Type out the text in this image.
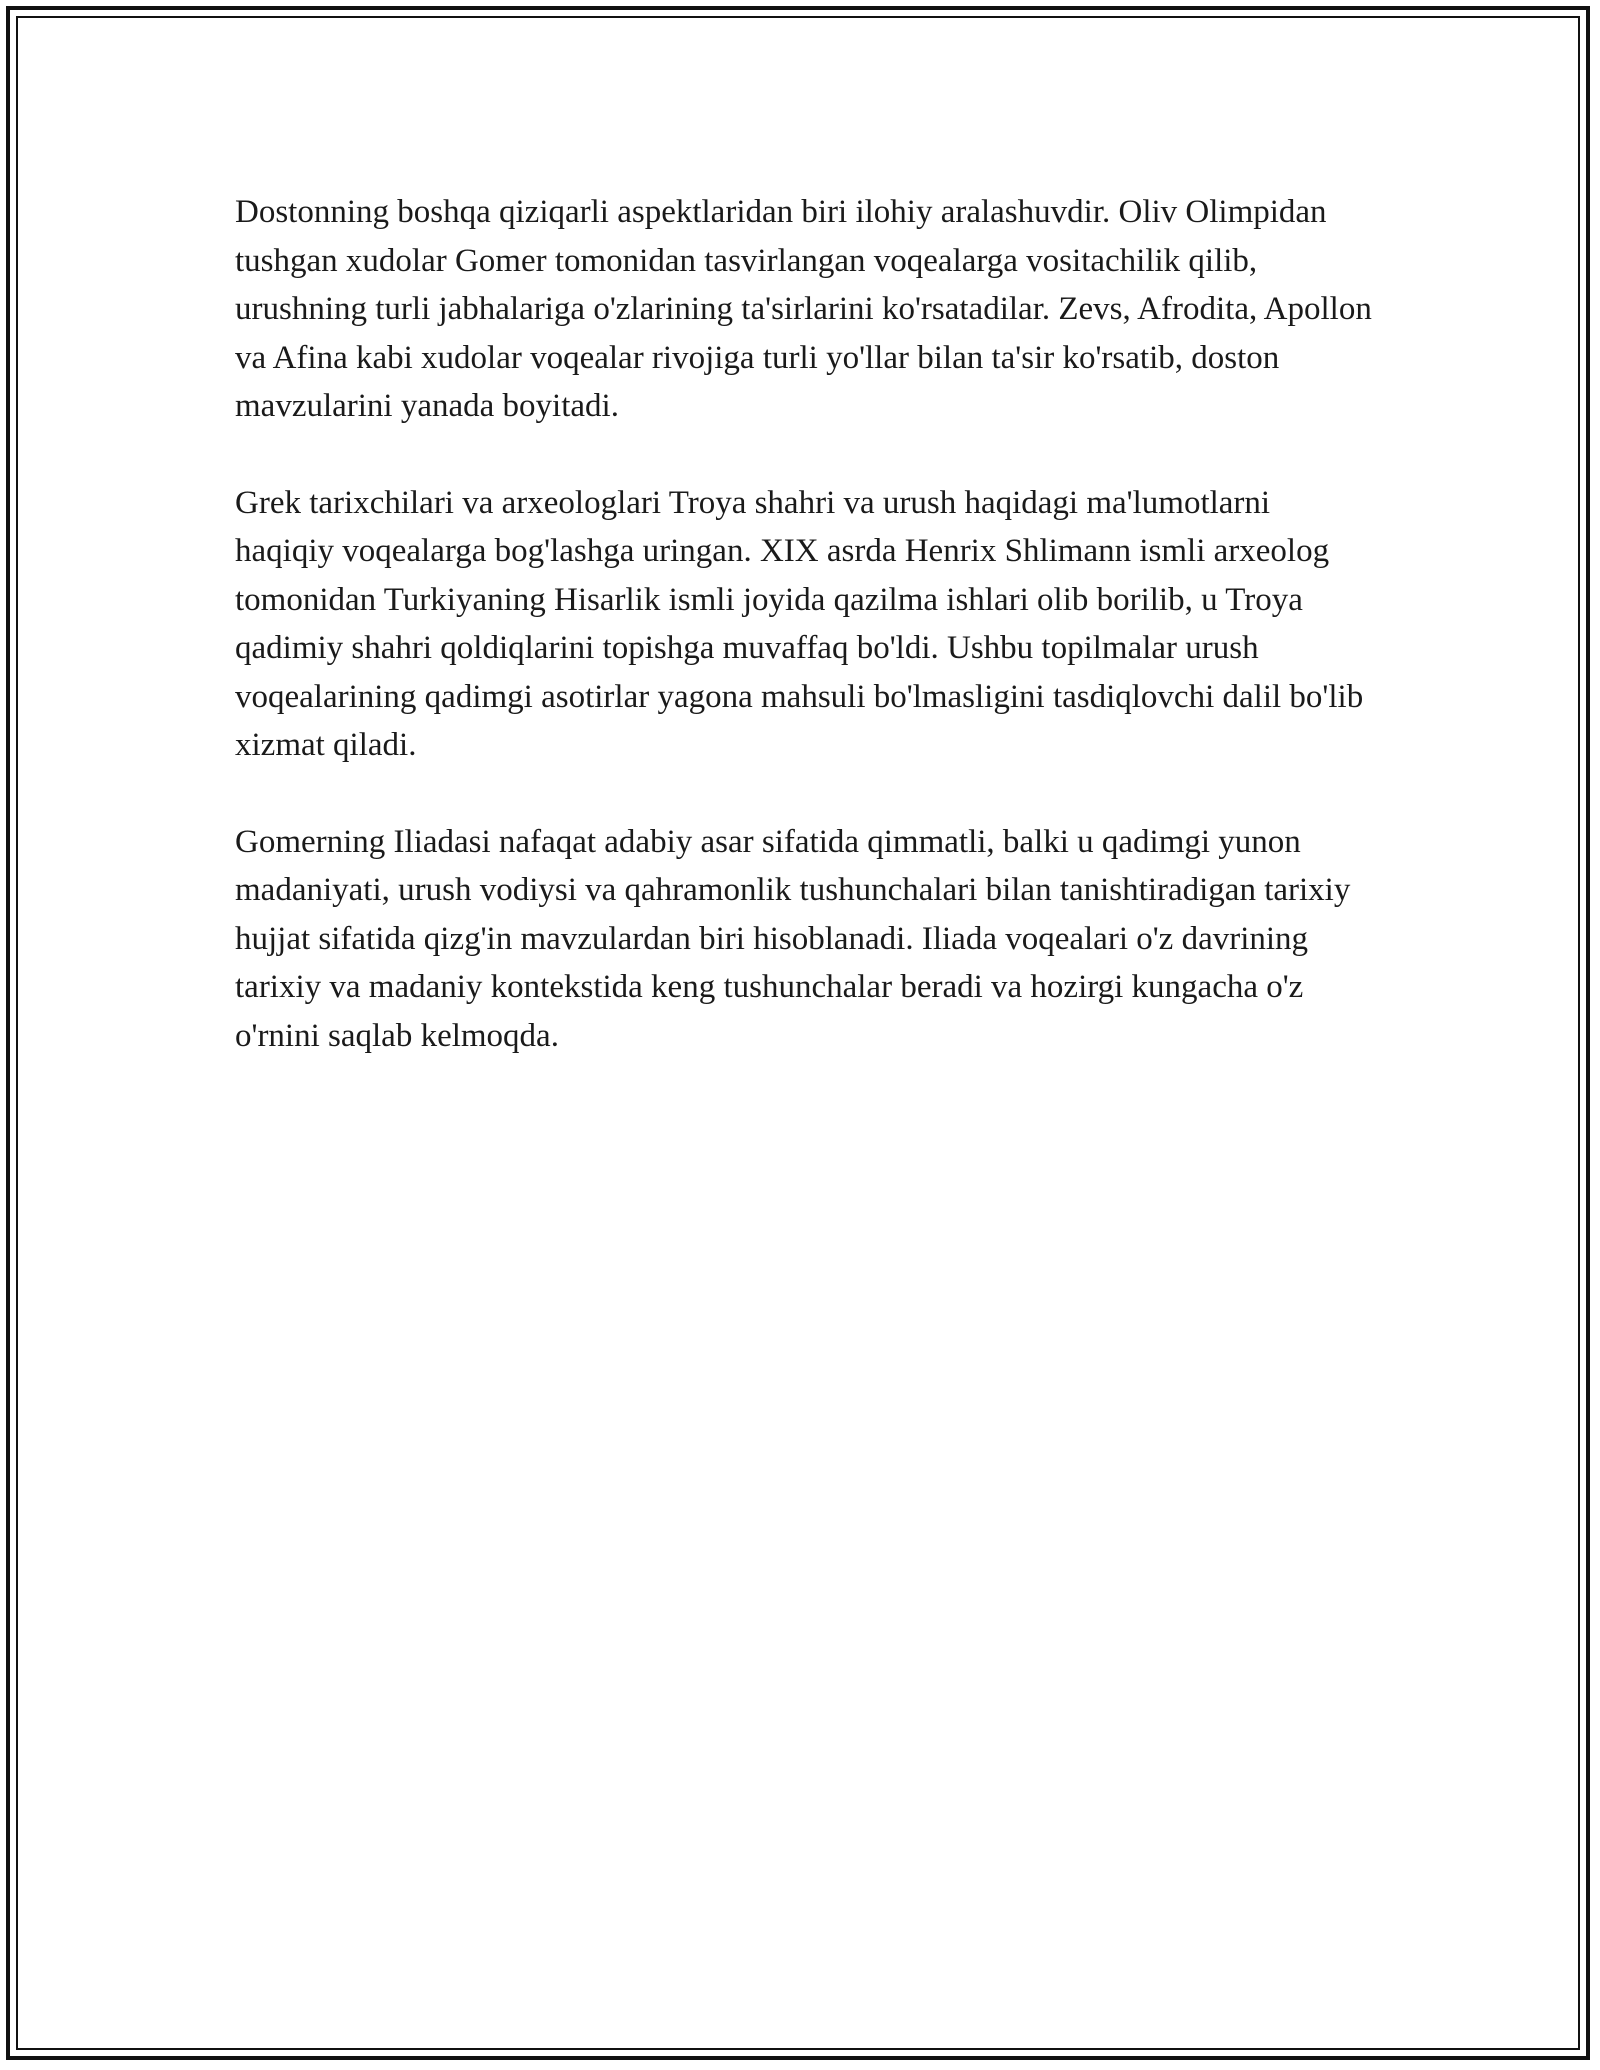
Dostonning boshqa qiziqarli aspektlaridan biri ilohiy aralashuvdir. Oliv Olimpidan tushgan xudolar Gomer tomonidan tasvirlangan voqealarga vositachilik qilib, urushning turli jabhalariga o'zlarining ta'sirlarini ko'rsatadilar. Zevs, Afrodita, Apollon va Afina kabi xudolar voqealar rivojiga turli yo'llar bilan ta'sir ko'rsatib, doston mavzularini yanada boyitadi.

Grek tarixchilari va arxeologlari Troya shahri va urush haqidagi ma'lumotlarni haqiqiy voqealarga bog'lashga uringan. XIX asrda Henrix Shlimann ismli arxeolog tomonidan Turkiyaning Hisarlik ismli joyida qazilma ishlari olib borilib, u Troya qadimiy shahri qoldiqlarini topishga muvaffaq bo'ldi. Ushbu topilmalar urush voqealarining qadimgi asotirlar yagona mahsuli bo'lmasligini tasdiqlovchi dalil bo'lib xizmat qiladi.

Gomerning Iliadasi nafaqat adabiy asar sifatida qimmatli, balki u qadimgi yunon madaniyati, urush vodiysi va qahramonlik tushunchalari bilan tanishtiradigan tarixiy hujjat sifatida qizg'in mavzulardan biri hisoblanadi. Iliada voqealari o'z davrining tarixiy va madaniy kontekstida keng tushunchalar beradi va hozirgi kungacha o'z o'rnini saqlab kelmoqda.
